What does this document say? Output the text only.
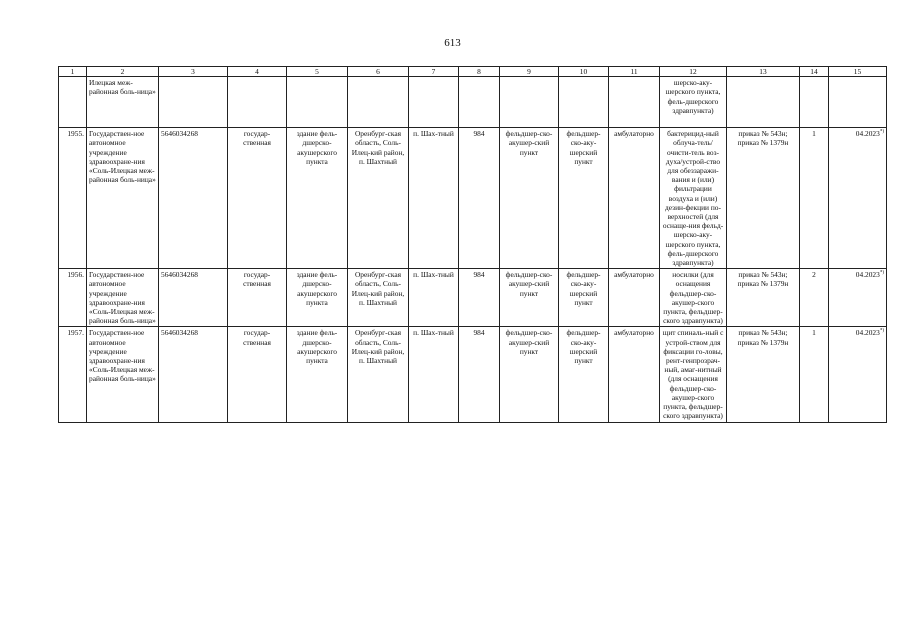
613
1	2	3	4	5	6	7	8	9	10	11	12	13	14	15
	Илецкая меж-районная боль-ница»										шерско-аку-шерского пункта, фель-дшерского здравпункта)			
1955.	Государствен-ное автономное учреждение здравоохране-ния «Соль-Илецкая меж-районная боль-ница»	5646034268	государ-ственная	здание фель-дшерско-акушерского пункта	Оренбург-ская область, Соль-Илец-кий район, п. Шахтный	п. Шах-тный	984	фельдшер-ско-акушер-ский пункт	фельдшер-ско-аку-шерский пункт	амбулаторно	бактерицид-ный облуча-тель/очисти-тель воз-духа/устрой-ство для обеззаражи-вания и (или) фильтрации воздуха и (или) дезин-фекции по-верхностей (для оснаще-ния фельд-шерско-аку-шерского пункта, фель-дшерского здравпункта)	приказ № 543н; приказ № 1379н	1	04.2023*)
1956.	Государствен-ное автономное учреждение здравоохране-ния «Соль-Илецкая меж-районная боль-ница»	5646034268	государ-ственная	здание фель-дшерско-акушерского пункта	Оренбург-ская область, Соль-Илец-кий район, п. Шахтный	п. Шах-тный	984	фельдшер-ско-акушер-ский пункт	фельдшер-ско-аку-шерский пункт	амбулаторно	носилки (для оснащения фельдшер-ско-акушер-ского пункта, фельдшер-ского здравпункта)	приказ № 543н; приказ № 1379н	2	04.2023*)
1957.	Государствен-ное автономное учреждение здравоохране-ния «Соль-Илецкая меж-районная боль-ница»	5646034268	государ-ственная	здание фель-дшерско-акушерского пункта	Оренбург-ская область, Соль-Илец-кий район, п. Шахтный	п. Шах-тный	984	фельдшер-ско-акушер-ский пункт	фельдшер-ско-аку-шерский пункт	амбулаторно	щит спиналь-ный с устрой-ством для фиксации го-ловы, рент-генпрозрач-ный, амаг-нитный (для оснащения фельдшер-ско-акушер-ского пункта, фельдшер-ского здравпункта)	приказ № 543н; приказ № 1379н	1	04.2023*)
